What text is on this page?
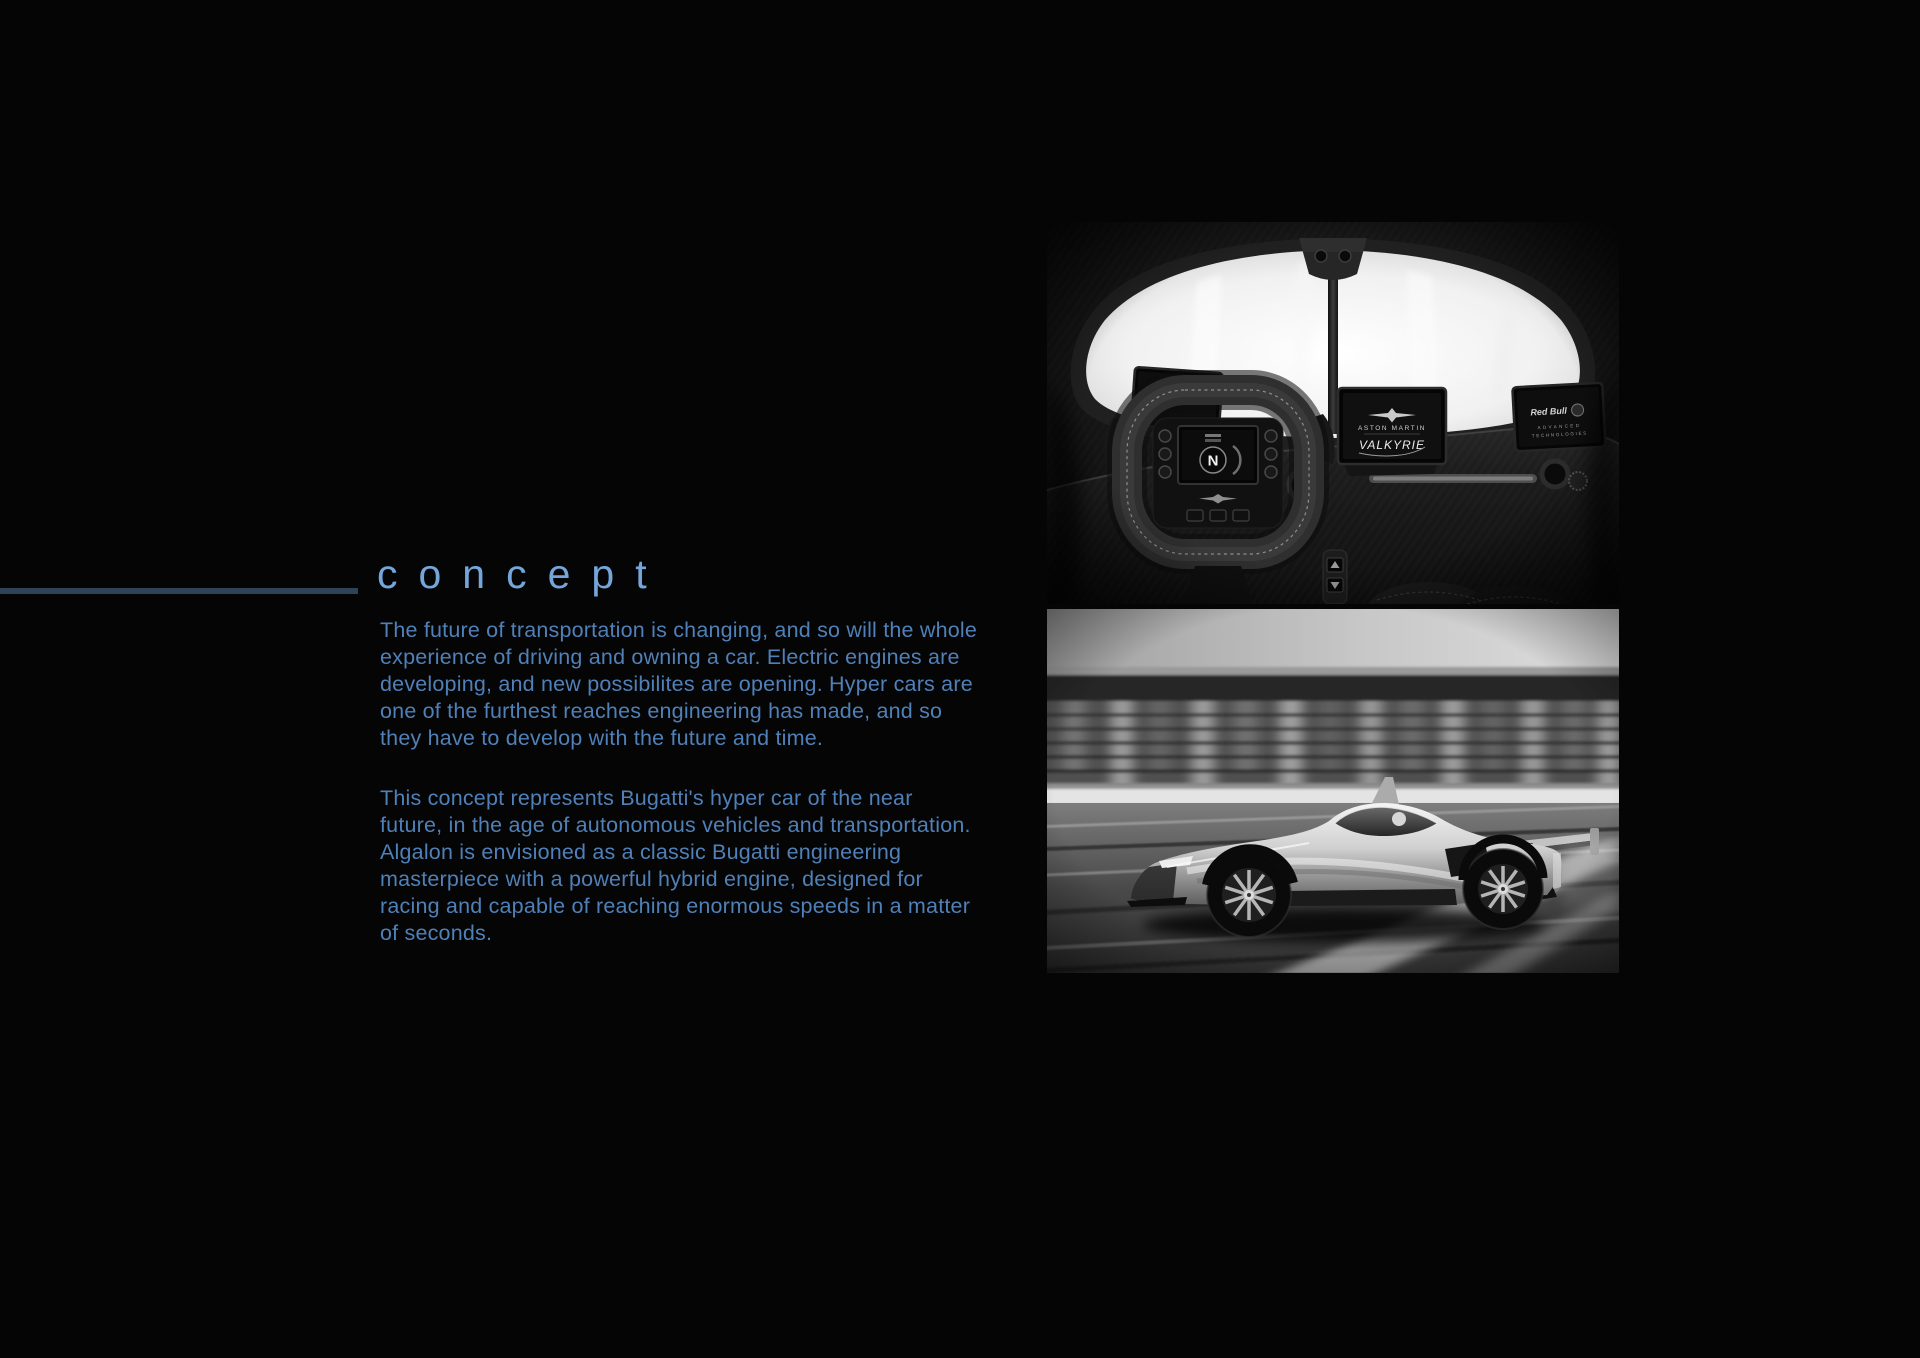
concept

The future of transportation is changing, and so will the whole experience of driving and owning a car. Electric engines are developing, and new possibilites are opening. Hyper cars are one of the furthest reaches engineering has made, and so they have to develop with the future and time.

This concept represents Bugatti's hyper car of the near future, in the age of autonomous vehicles and transportation. Algalon is envisioned as a classic Bugatti engineering masterpiece with a powerful hybrid engine, designed for racing and capable of reaching enormous speeds in a matter of seconds.
